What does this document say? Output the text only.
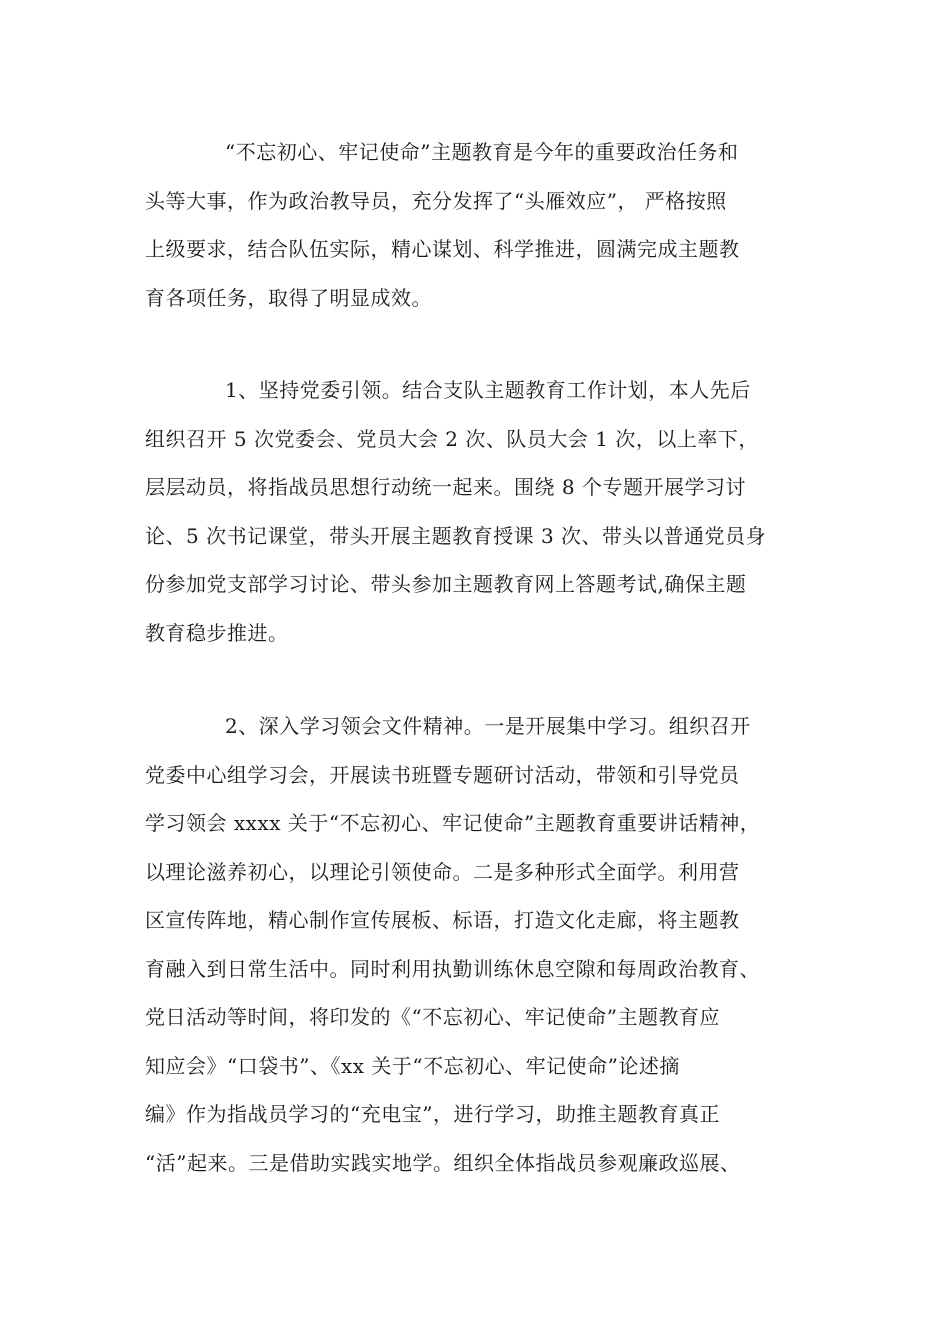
“不忘初心、牢记使命”主题教育是今年的重要政治任务和
头等大事，作为政治教导员，充分发挥了“头雁效应”， 严格按照
上级要求，结合队伍实际，精心谋划、科学推进，圆满完成主题教
育各项任务，取得了明显成效。
1、坚持党委引领。结合支队主题教育工作计划，本人先后
组织召开 5 次党委会、党员大会 2 次、队员大会 1 次，以上率下，
层层动员，将指战员思想行动统一起来。围绕 8 个专题开展学习讨
论、5 次书记课堂，带头开展主题教育授课 3 次、带头以普通党员身
份参加党支部学习讨论、带头参加主题教育网上答题考试,确保主题
教育稳步推进。
2、深入学习领会文件精神。一是开展集中学习。组织召开
党委中心组学习会，开展读书班暨专题研讨活动，带领和引导党员
学习领会 xxxx 关于“不忘初心、牢记使命”主题教育重要讲话精神，
以理论滋养初心，以理论引领使命。二是多种形式全面学。利用营
区宣传阵地，精心制作宣传展板、标语，打造文化走廊，将主题教
育融入到日常生活中。同时利用执勤训练休息空隙和每周政治教育、
党日活动等时间，将印发的《“不忘初心、牢记使命”主题教育应
知应会》“口袋书”、《xx 关于“不忘初心、牢记使命”论述摘
编》作为指战员学习的“充电宝”，进行学习，助推主题教育真正
“活”起来。三是借助实践实地学。组织全体指战员参观廉政巡展、
